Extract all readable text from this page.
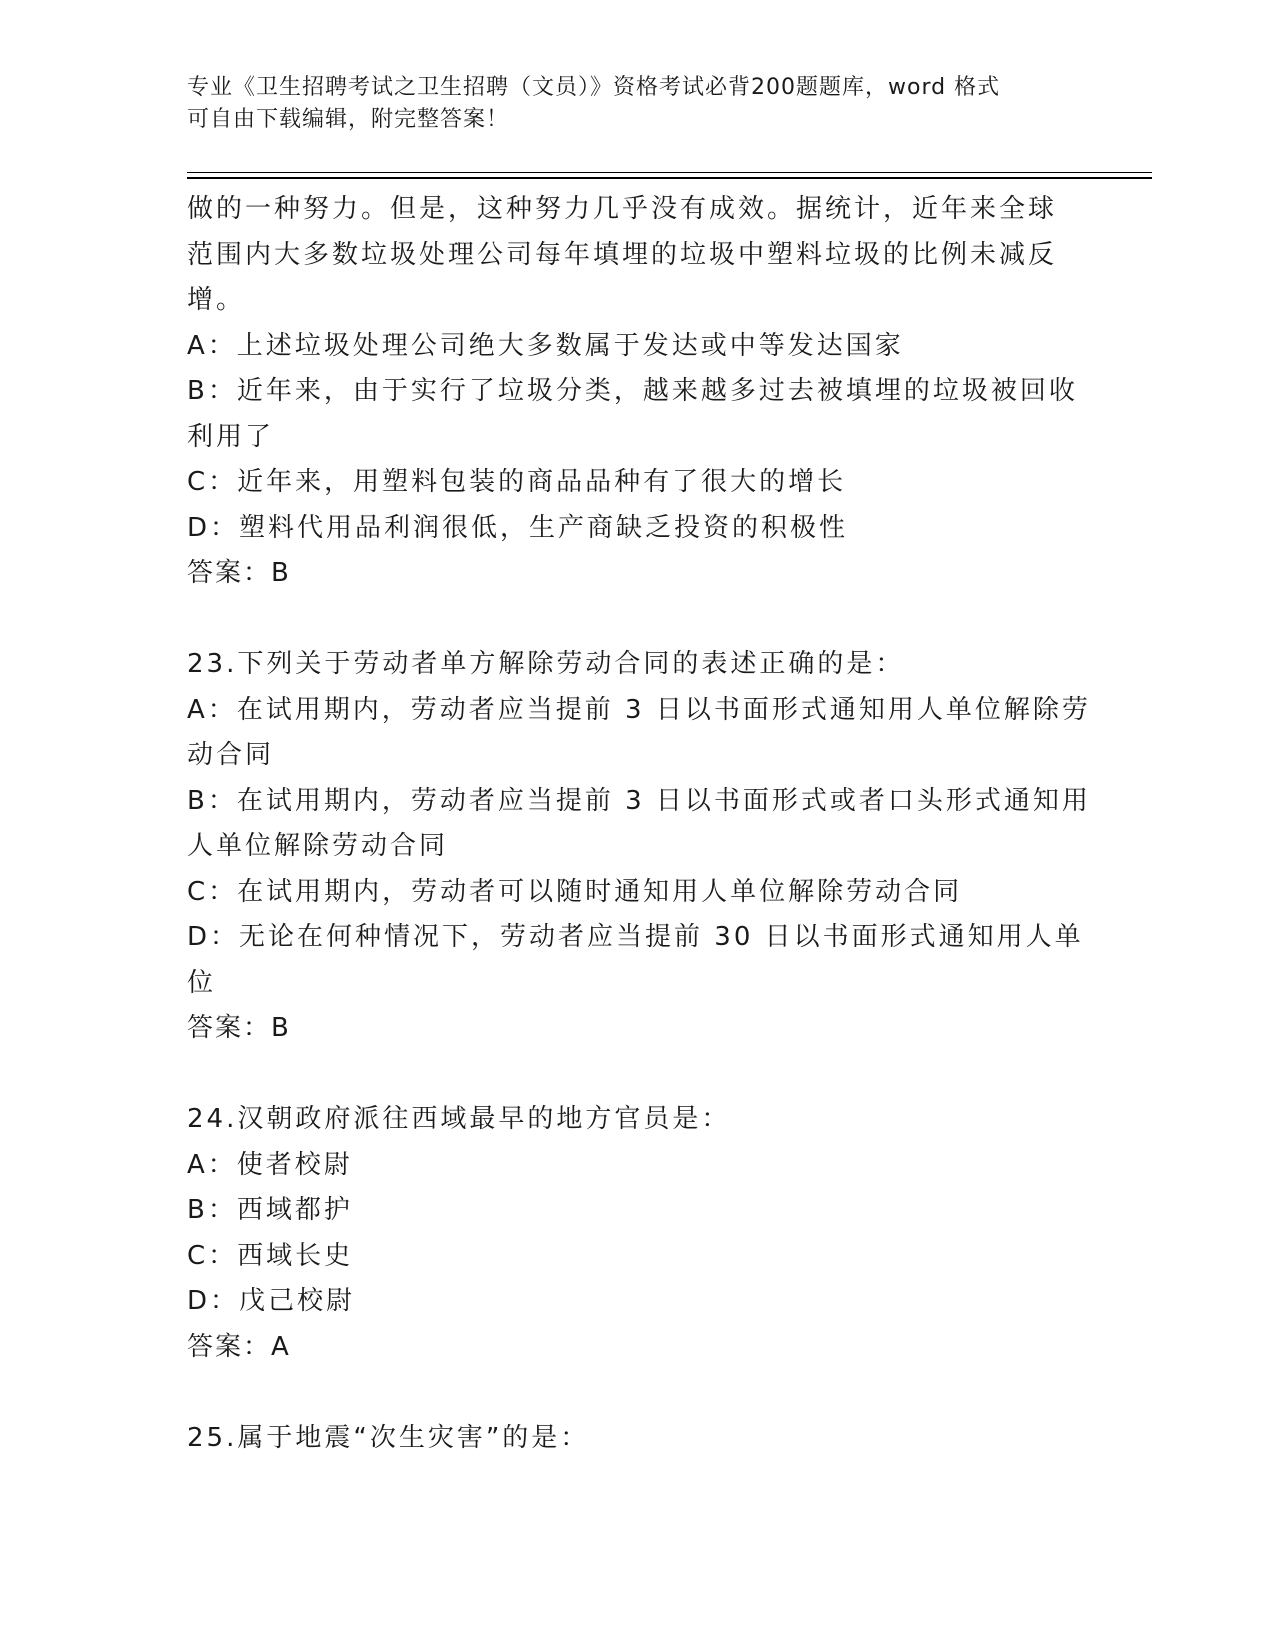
专业《卫生招聘考试之卫生招聘（文员）》资格考试必背200题题库，word 格式
可自由下载编辑，附完整答案！
做的一种努力。但是，这种努力几乎没有成效。据统计，近年来全球
范围内大多数垃圾处理公司每年填埋的垃圾中塑料垃圾的比例未减反
增。
A：上述垃圾处理公司绝大多数属于发达或中等发达国家
B：近年来，由于实行了垃圾分类，越来越多过去被填埋的垃圾被回收
利用了
C：近年来，用塑料包装的商品品种有了很大的增长
D：塑料代用品利润很低，生产商缺乏投资的积极性
答案：B
23.下列关于劳动者单方解除劳动合同的表述正确的是：
A：在试用期内，劳动者应当提前 3 日以书面形式通知用人单位解除劳
动合同
B：在试用期内，劳动者应当提前 3 日以书面形式或者口头形式通知用
人单位解除劳动合同
C：在试用期内，劳动者可以随时通知用人单位解除劳动合同
D：无论在何种情况下，劳动者应当提前 30 日以书面形式通知用人单
位
答案：B
24.汉朝政府派往西域最早的地方官员是：
A：使者校尉
B：西域都护
C：西域长史
D：戊己校尉
答案：A
25.属于地震“次生灾害”的是：
